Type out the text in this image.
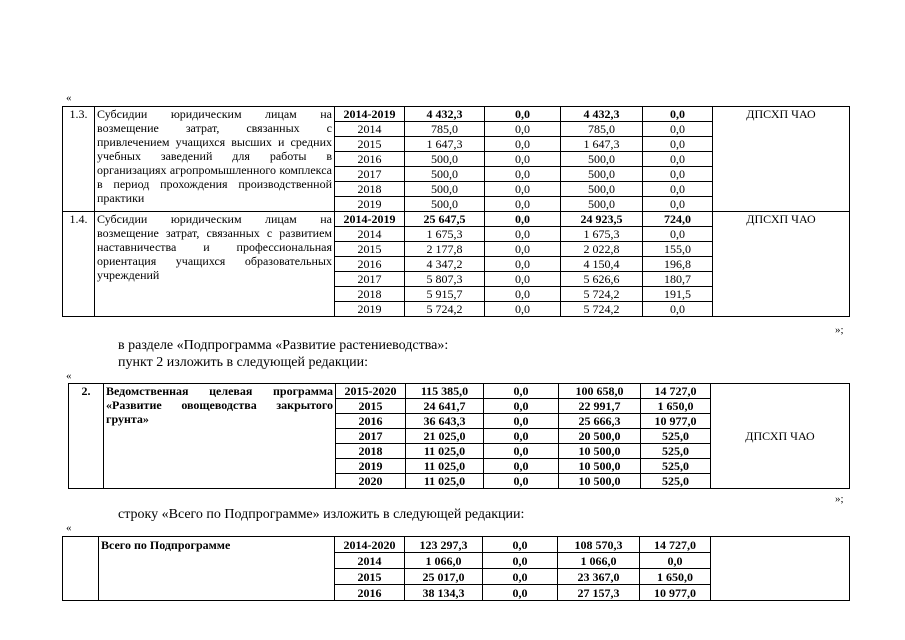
«
1.3.	Субсидии юридическим лицам на возмещение затрат, связанных с привлечением учащихся высших и средних учебных заведений для работы в организациях агропромышленного комплекса в период прохождения производственной практики	2014-2019	4 432,3	0,0	4 432,3	0,0	ДПСХП ЧАО
		2014	785,0	0,0	785,0	0,0	
		2015	1 647,3	0,0	1 647,3	0,0	
		2016	500,0	0,0	500,0	0,0	
		2017	500,0	0,0	500,0	0,0	
		2018	500,0	0,0	500,0	0,0	
		2019	500,0	0,0	500,0	0,0	
1.4.	Субсидии юридическим лицам на возмещение затрат, связанных с развитием наставничества и профессиональная ориентация учащихся образовательных учреждений	2014-2019	25 647,5	0,0	24 923,5	724,0	ДПСХП ЧАО
		2014	1 675,3	0,0	1 675,3	0,0	
		2015	2 177,8	0,0	2 022,8	155,0	
		2016	4 347,2	0,0	4 150,4	196,8	
		2017	5 807,3	0,0	5 626,6	180,7	
		2018	5 915,7	0,0	5 724,2	191,5	
		2019	5 724,2	0,0	5 724,2	0,0	
»;
в разделе «Подпрограмма «Развитие растениеводства»:
пункт 2 изложить в следующей редакции:
«
2.	Ведомственная целевая программа «Развитие овощеводства закрытого грунта»	2015-2020	115 385,0	0,0	100 658,0	14 727,0	ДПСХП ЧАО
		2015	24 641,7	0,0	22 991,7	1 650,0	
		2016	36 643,3	0,0	25 666,3	10 977,0	
		2017	21 025,0	0,0	20 500,0	525,0	
		2018	11 025,0	0,0	10 500,0	525,0	
		2019	11 025,0	0,0	10 500,0	525,0	
		2020	11 025,0	0,0	10 500,0	525,0	
»;
строку «Всего по Подпрограмме» изложить в следующей редакции:
«
	Всего по Подпрограмме	2014-2020	123 297,3	0,0	108 570,3	14 727,0	
		2014	1 066,0	0,0	1 066,0	0,0	
		2015	25 017,0	0,0	23 367,0	1 650,0	
		2016	38 134,3	0,0	27 157,3	10 977,0	
